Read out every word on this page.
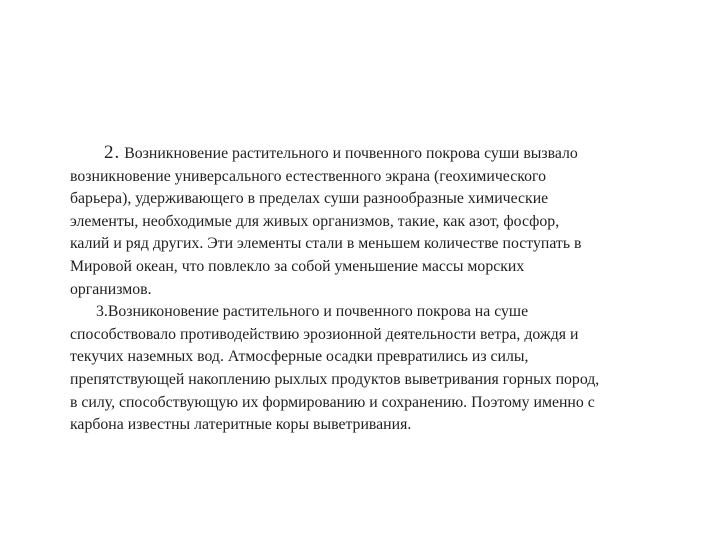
2. Возникновение растительного и почвенного покрова суши вызвало
возникновение универсального естественного экрана (геохимического
барьера), удерживающего в пределах суши разнообразные химические
элементы, необходимые для живых организмов, такие, как азот, фосфор,
калий и ряд других. Эти элементы стали в меньшем количестве поступать в
Мировой океан, что повлекло за собой уменьшение массы морских
организмов.
3.Возниконовение растительного и почвенного покрова на суше
способствовало противодействию эрозионной деятельности ветра, дождя и
текучих наземных вод. Атмосферные осадки превратились из силы,
препятствующей накоплению рыхлых продуктов выветривания горных пород,
в силу, способствующую их формированию и сохранению. Поэтому именно с
карбона известны латеритные коры выветривания.
